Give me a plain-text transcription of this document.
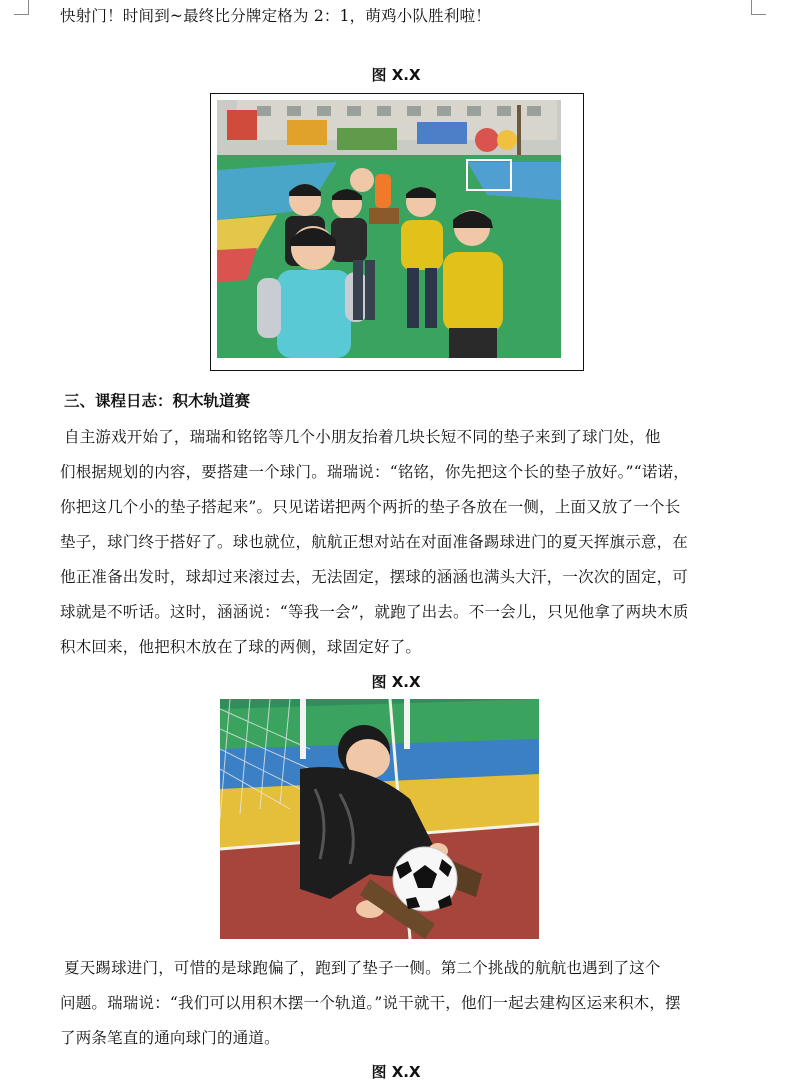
快射门！时间到~最终比分牌定格为 2：1，萌鸡小队胜利啦！
图 X.X
三、课程日志：积木轨道赛
自主游戏开始了，瑞瑞和铭铭等几个小朋友抬着几块长短不同的垫子来到了球门处，他
们根据规划的内容，要搭建一个球门。瑞瑞说：“铭铭，你先把这个长的垫子放好。”“诺诺，
你把这几个小的垫子搭起来”。只见诺诺把两个两折的垫子各放在一侧，上面又放了一个长
垫子，球门终于搭好了。球也就位，航航正想对站在对面准备踢球进门的夏天挥旗示意，在
他正准备出发时，球却过来滚过去，无法固定，摆球的涵涵也满头大汗，一次次的固定，可
球就是不听话。这时，涵涵说：“等我一会”，就跑了出去。不一会儿，只见他拿了两块木质
积木回来，他把积木放在了球的两侧，球固定好了。
图 X.X
夏天踢球进门，可惜的是球跑偏了，跑到了垫子一侧。第二个挑战的航航也遇到了这个
问题。瑞瑞说：“我们可以用积木摆一个轨道。”说干就干，他们一起去建构区运来积木，摆
了两条笔直的通向球门的通道。
图 X.X
